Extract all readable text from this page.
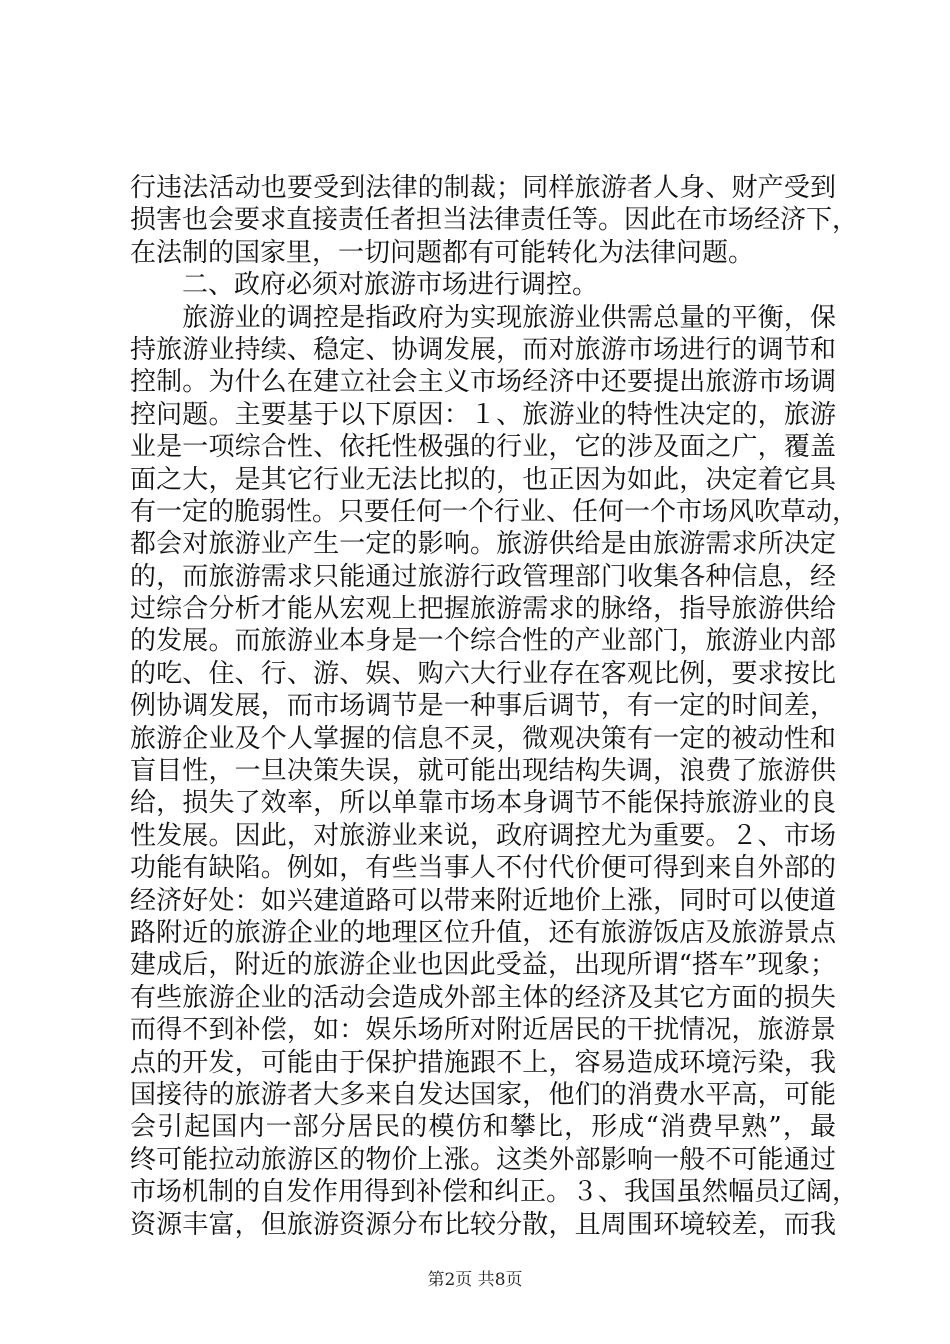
行违法活动也要受到法律的制裁；同样旅游者人身、财产受到
损害也会要求直接责任者担当法律责任等。因此在市场经济下，
在法制的国家里，一切问题都有可能转化为法律问题。
　　二、政府必须对旅游市场进行调控。
　　旅游业的调控是指政府为实现旅游业供需总量的平衡，保
持旅游业持续、稳定、协调发展，而对旅游市场进行的调节和
控制。为什么在建立社会主义市场经济中还要提出旅游市场调
控问题。主要基于以下原因：１、旅游业的特性决定的，旅游
业是一项综合性、依托性极强的行业，它的涉及面之广，覆盖
面之大，是其它行业无法比拟的，也正因为如此，决定着它具
有一定的脆弱性。只要任何一个行业、任何一个市场风吹草动，
都会对旅游业产生一定的影响。旅游供给是由旅游需求所决定
的，而旅游需求只能通过旅游行政管理部门收集各种信息，经
过综合分析才能从宏观上把握旅游需求的脉络，指导旅游供给
的发展。而旅游业本身是一个综合性的产业部门，旅游业内部
的吃、住、行、游、娱、购六大行业存在客观比例，要求按比
例协调发展，而市场调节是一种事后调节，有一定的时间差，
旅游企业及个人掌握的信息不灵，微观决策有一定的被动性和
盲目性，一旦决策失误，就可能出现结构失调，浪费了旅游供
给，损失了效率，所以单靠市场本身调节不能保持旅游业的良
性发展。因此，对旅游业来说，政府调控尤为重要。２、市场
功能有缺陷。例如，有些当事人不付代价便可得到来自外部的
经济好处：如兴建道路可以带来附近地价上涨，同时可以使道
路附近的旅游企业的地理区位升值，还有旅游饭店及旅游景点
建成后，附近的旅游企业也因此受益，出现所谓“搭车”现象；
有些旅游企业的活动会造成外部主体的经济及其它方面的损失
而得不到补偿，如：娱乐场所对附近居民的干扰情况，旅游景
点的开发，可能由于保护措施跟不上，容易造成环境污染，我
国接待的旅游者大多来自发达国家，他们的消费水平高，可能
会引起国内一部分居民的模仿和攀比，形成“消费早熟”，最
终可能拉动旅游区的物价上涨。这类外部影响一般不可能通过
市场机制的自发作用得到补偿和纠正。３、我国虽然幅员辽阔，
资源丰富，但旅游资源分布比较分散，且周围环境较差，而我
第2页 共8页
